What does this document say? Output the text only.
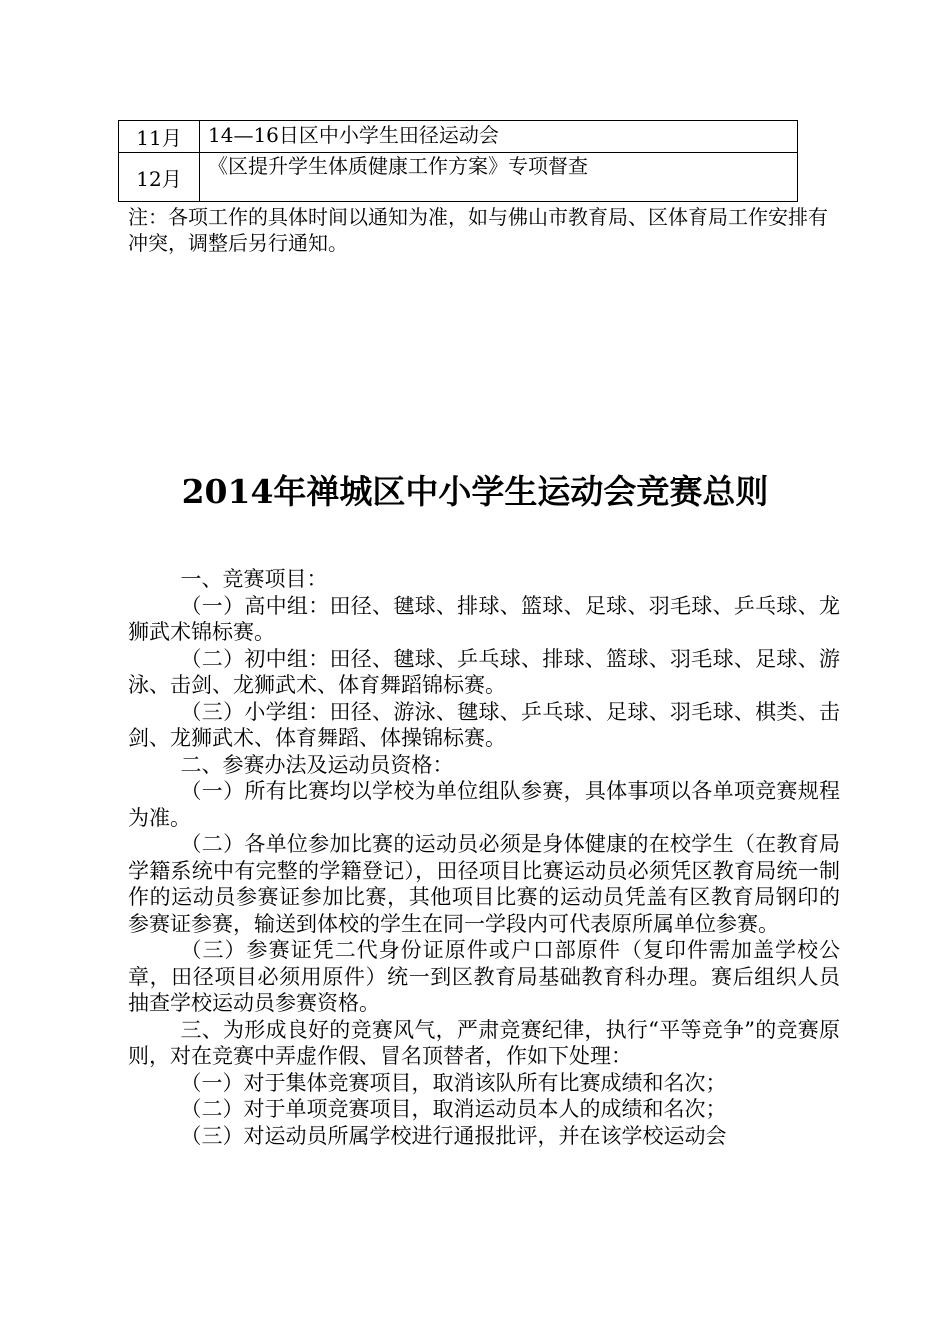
11月	14—16日区中小学生田径运动会
12月	《区提升学生体质健康工作方案》专项督查

注：各项工作的具体时间以通知为准，如与佛山市教育局、区体育局工作安排有冲突，调整后另行通知。

2014年禅城区中小学生运动会竞赛总则

一、竞赛项目：

（一）高中组：田径、毽球、排球、篮球、足球、羽毛球、乒乓球、龙狮武术锦标赛。

（二）初中组：田径、毽球、乒乓球、排球、篮球、羽毛球、足球、游泳、击剑、龙狮武术、体育舞蹈锦标赛。

（三）小学组：田径、游泳、毽球、乒乓球、足球、羽毛球、棋类、击剑、龙狮武术、体育舞蹈、体操锦标赛。

二、参赛办法及运动员资格：

（一）所有比赛均以学校为单位组队参赛，具体事项以各单项竞赛规程为准。

（二）各单位参加比赛的运动员必须是身体健康的在校学生（在教育局学籍系统中有完整的学籍登记），田径项目比赛运动员必须凭区教育局统一制作的运动员参赛证参加比赛，其他项目比赛的运动员凭盖有区教育局钢印的参赛证参赛，输送到体校的学生在同一学段内可代表原所属单位参赛。

（三）参赛证凭二代身份证原件或户口部原件（复印件需加盖学校公章，田径项目必须用原件）统一到区教育局基础教育科办理。赛后组织人员抽查学校运动员参赛资格。

三、为形成良好的竞赛风气，严肃竞赛纪律，执行“平等竞争”的竞赛原则，对在竞赛中弄虚作假、冒名顶替者，作如下处理：

（一）对于集体竞赛项目，取消该队所有比赛成绩和名次；

（二）对于单项竞赛项目，取消运动员本人的成绩和名次；

（三）对运动员所属学校进行通报批评，并在该学校运动会
